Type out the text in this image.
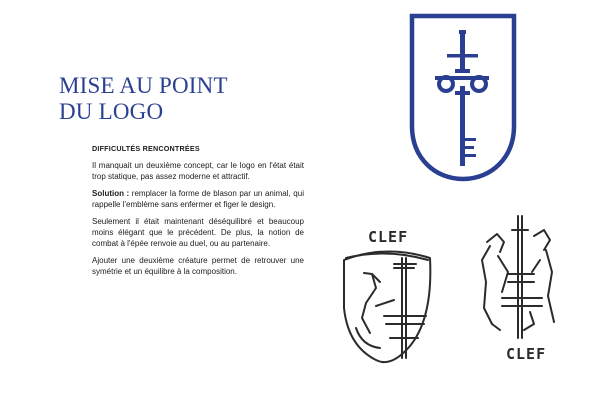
MISE AU POINT
DU LOGO

DIFFICULTÉS RENCONTRÉES

Il manquait un deuxième concept, car le logo en l'état était trop statique, pas assez moderne et attractif.

Solution : remplacer la forme de blason par un animal, qui rappelle l'emblème sans enfermer et figer le design.

Seulement il était maintenant déséquilibré et beaucoup moins élégant que le précédent. De plus, la notion de combat à l'épée renvoie au duel, ou au partenaire.

Ajouter une deuxième créature permet de retrouver une symétrie et un équilibre à la composition.

CLEF
CLEF
